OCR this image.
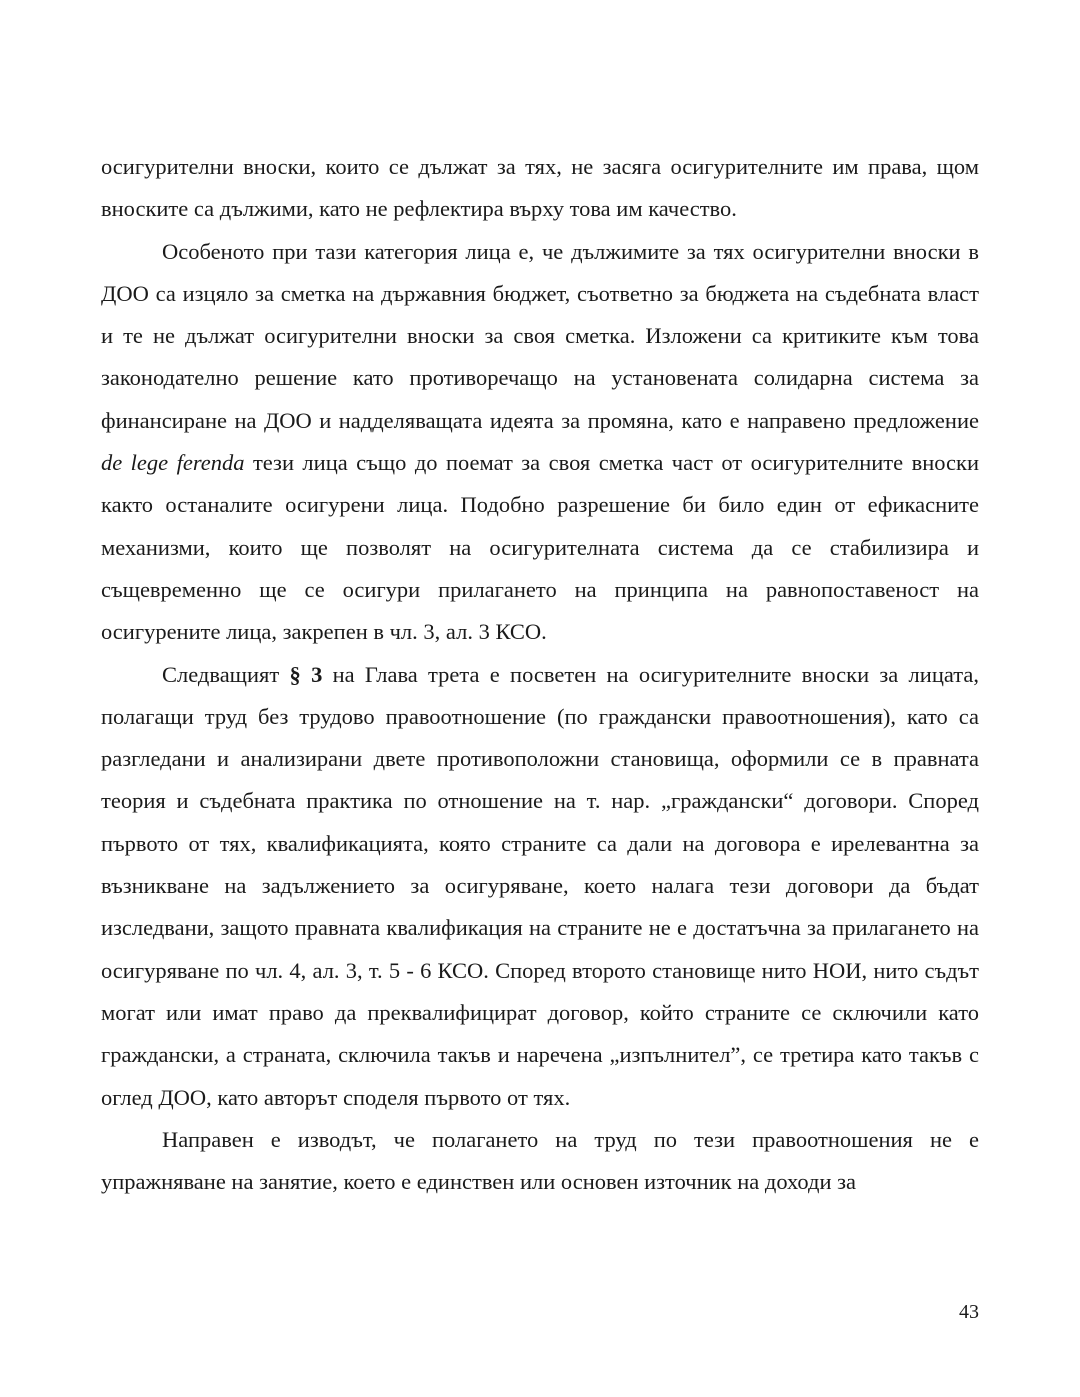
осигурителни вноски, които се дължат за тях, не засяга осигурителните им права, щом вноските са дължими, като не рефлектира върху това им качество.

Особеното при тази категория лица е, че дължимите за тях осигурителни вноски в ДОО са изцяло за сметка на държавния бюджет, съответно за бюджета на съдебната власт и те не дължат осигурителни вноски за своя сметка. Изложени са критиките към това законодателно решение като противоречащо на установената солидарна система за финансиране на ДОО и надделяващата идеята за промяна, като е направено предложение de lege ferenda тези лица също до поемат за своя сметка част от осигурителните вноски както останалите осигурени лица. Подобно разрешение би било един от ефикасните механизми, които ще позволят на осигурителната система да се стабилизира и същевременно ще се осигури прилагането на принципа на равнопоставеност на осигурените лица, закрепен в чл. 3, ал. 3 КСО.

Следващият § 3 на Глава трета е посветен на осигурителните вноски за лицата, полагащи труд без трудово правоотношение (по граждански правоотношения), като са разгледани и анализирани двете противоположни становища, оформили се в правната теория и съдебната практика по отношение на т. нар. „граждански“ договори. Според първото от тях, квалификацията, която страните са дали на договора е ирелевантна за възникване на задължението за осигуряване, което налага тези договори да бъдат изследвани, защото правната квалификация на страните не е достатъчна за прилагането на осигуряване по чл. 4, ал. 3, т. 5 - 6 КСО. Според второто становище нито НОИ, нито съдът могат или имат право да преквалифицират договор, който страните се сключили като граждански, а страната, сключила такъв и наречена „изпълнител”, се третира като такъв с оглед ДОО, като авторът споделя първото от тях.

Направен е изводът, че полагането на труд по тези правоотношения не е упражняване на занятие, което е единствен или основен източник на доходи за

43
